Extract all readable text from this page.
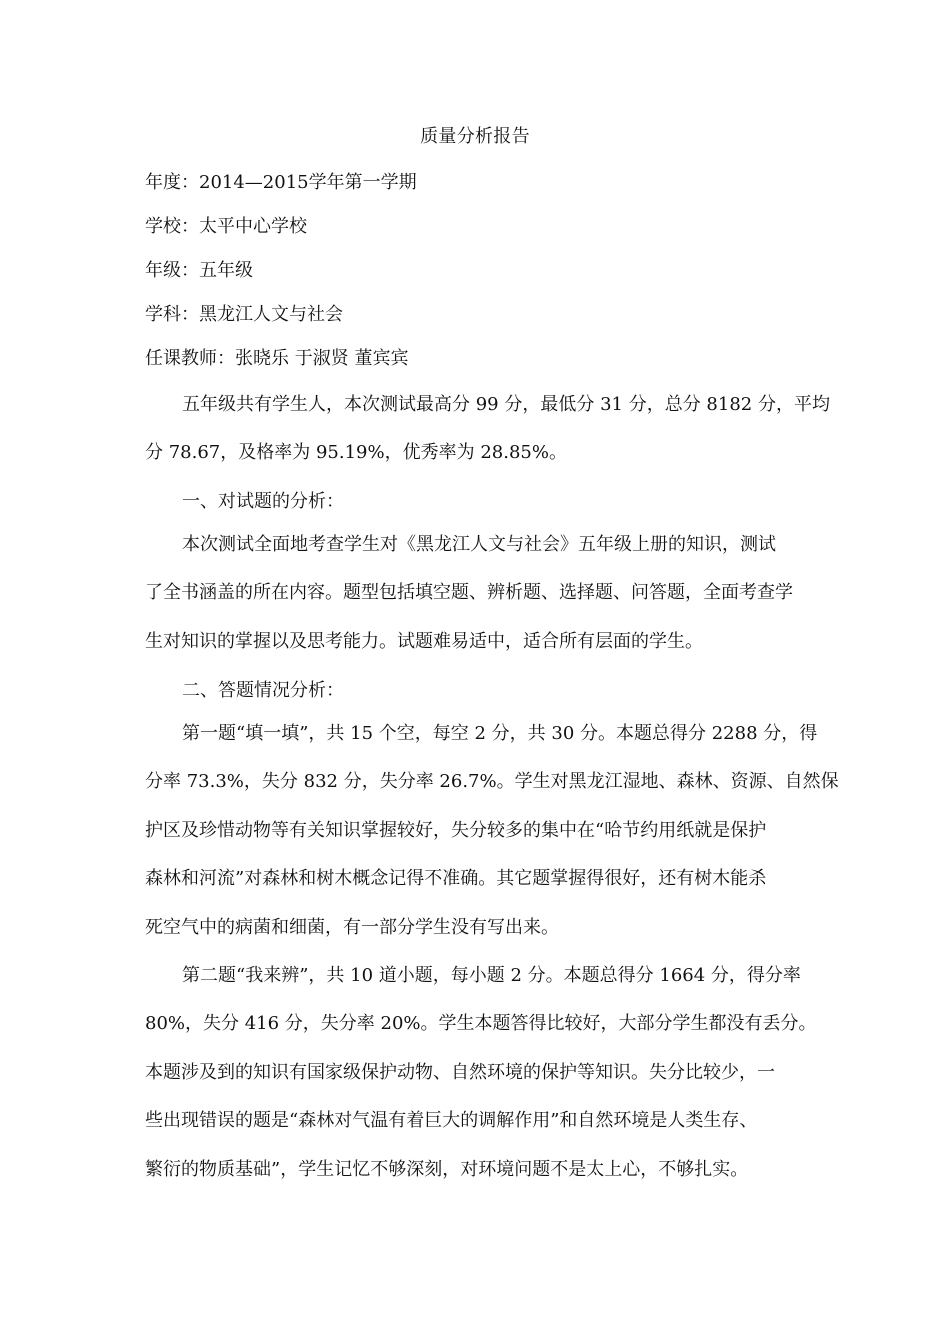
质量分析报告
年度：2014—2015学年第一学期
学校：太平中心学校
年级：五年级
学科：黑龙江人文与社会
任课教师：张晓乐 于淑贤 董宾宾
五年级共有学生人，本次测试最高分 99 分，最低分 31 分，总分 8182 分，平均
分 78.67，及格率为 95.19%，优秀率为 28.85%。
一、对试题的分析：
本次测试全面地考查学生对《黑龙江人文与社会》五年级上册的知识，测试
了全书涵盖的所在内容。题型包括填空题、辨析题、选择题、问答题，全面考查学
生对知识的掌握以及思考能力。试题难易适中，适合所有层面的学生。
二、答题情况分析：
第一题“填一填”，共 15 个空，每空 2 分，共 30 分。本题总得分 2288 分，得
分率 73.3%，失分 832 分，失分率 26.7%。学生对黑龙江湿地、森林、资源、自然保
护区及珍惜动物等有关知识掌握较好，失分较多的集中在“哈节约用纸就是保护
森林和河流”对森林和树木概念记得不准确。其它题掌握得很好，还有树木能杀
死空气中的病菌和细菌，有一部分学生没有写出来。
第二题“我来辨”，共 10 道小题，每小题 2 分。本题总得分 1664 分，得分率
80%，失分 416 分，失分率 20%。学生本题答得比较好，大部分学生都没有丢分。
本题涉及到的知识有国家级保护动物、自然环境的保护等知识。失分比较少，一
些出现错误的题是“森林对气温有着巨大的调解作用”和自然环境是人类生存、
繁衍的物质基础”，学生记忆不够深刻，对环境问题不是太上心，不够扎实。
